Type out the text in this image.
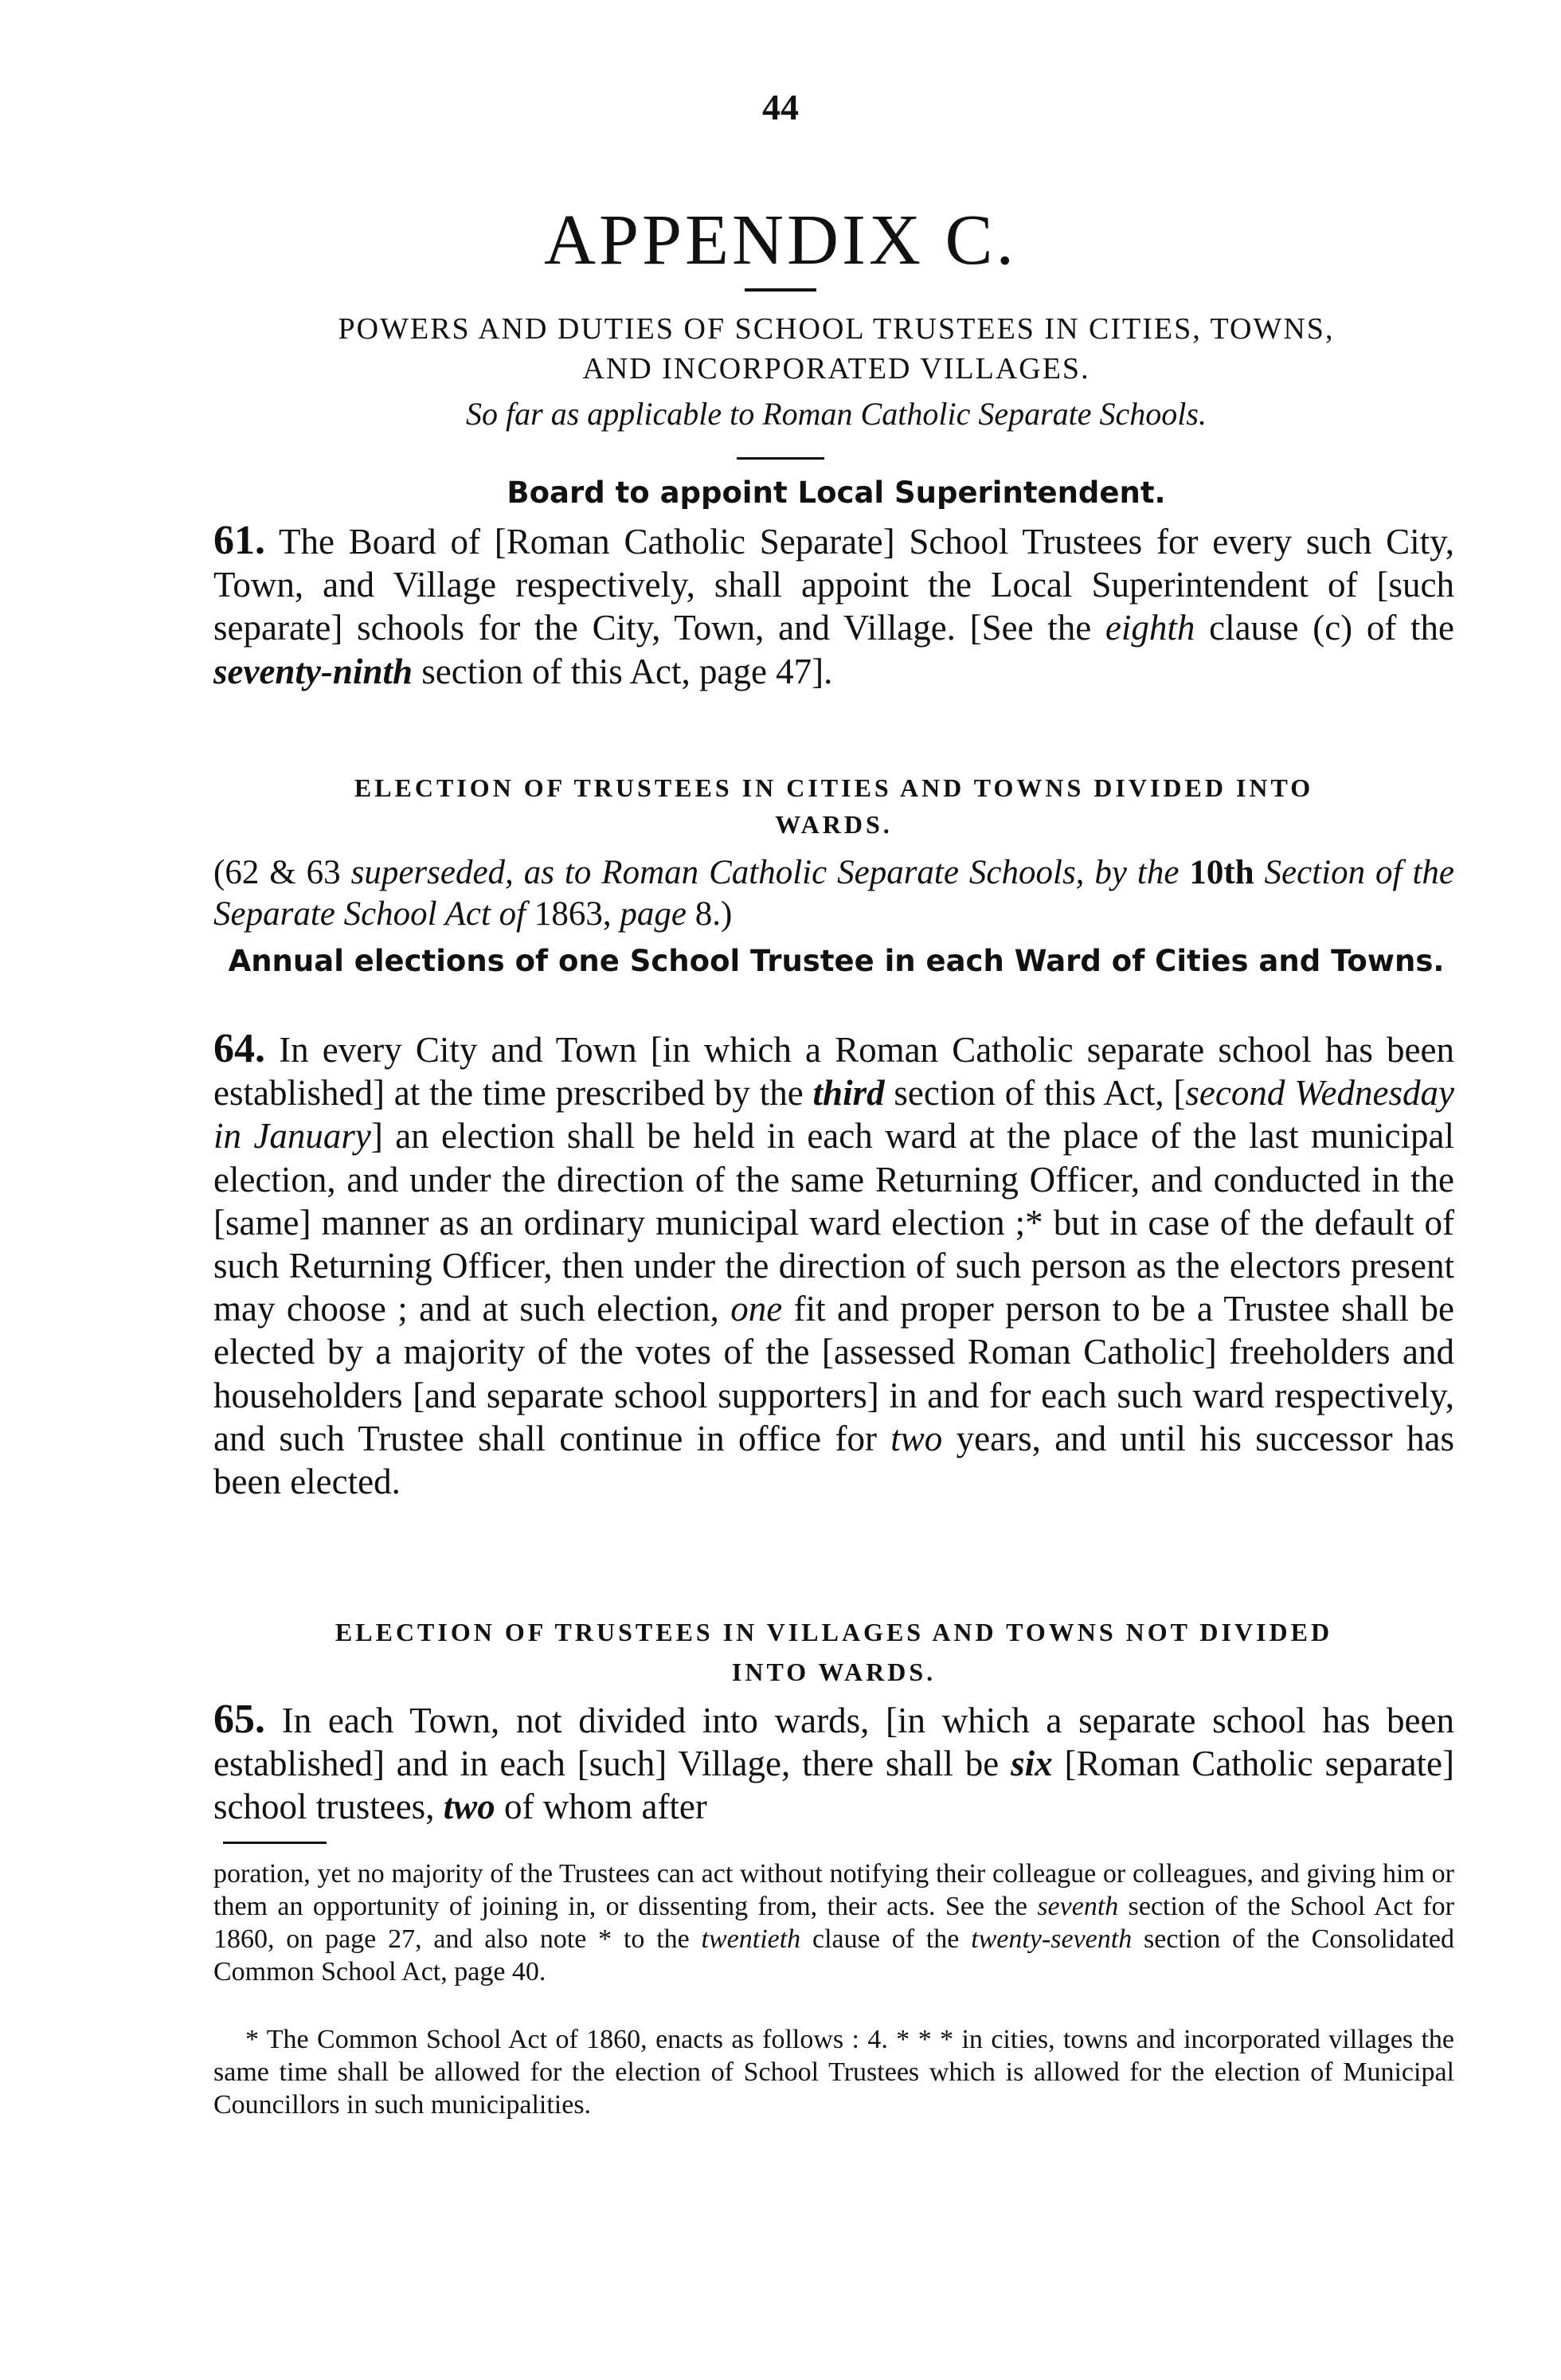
44
APPENDIX C.
POWERS AND DUTIES OF SCHOOL TRUSTEES IN CITIES, TOWNS,
AND INCORPORATED VILLAGES.
So far as applicable to Roman Catholic Separate Schools.
Board to appoint Local Superintendent.
61. The Board of [Roman Catholic Separate] School Trustees for every such City, Town, and Village respectively, shall appoint the Local Superintendent of [such separate] schools for the City, Town, and Village. [See the eighth clause (c) of the seventy-ninth section of this Act, page 47].
ELECTION OF TRUSTEES IN CITIES AND TOWNS DIVIDED INTO
WARDS.
(62 & 63 superseded, as to Roman Catholic Separate Schools, by the 10th Section of the Separate School Act of 1863, page 8.)
Annual elections of one School Trustee in each Ward of Cities and Towns.
64. In every City and Town [in which a Roman Catholic separate school has been established] at the time prescribed by the third section of this Act, [second Wednesday in January] an election shall be held in each ward at the place of the last municipal election, and under the direction of the same Returning Officer, and conducted in the [same] manner as an ordinary municipal ward election ;* but in case of the default of such Returning Officer, then under the direction of such person as the electors present may choose ; and at such election, one fit and proper person to be a Trustee shall be elected by a majority of the votes of the [assessed Roman Catholic] freeholders and householders [and separate school supporters] in and for each such ward respectively, and such Trustee shall continue in office for two years, and until his successor has been elected.
ELECTION OF TRUSTEES IN VILLAGES AND TOWNS NOT DIVIDED
INTO WARDS.
65. In each Town, not divided into wards, [in which a separate school has been established] and in each [such] Village, there shall be six [Roman Catholic separate] school trustees, two of whom after
poration, yet no majority of the Trustees can act without notifying their colleague or colleagues, and giving him or them an opportunity of joining in, or dissenting from, their acts. See the seventh section of the School Act for 1860, on page 27, and also note * to the twentieth clause of the twenty-seventh section of the Consolidated Common School Act, page 40.
* The Common School Act of 1860, enacts as follows : 4. * * * in cities, towns and incorporated villages the same time shall be allowed for the election of School Trustees which is allowed for the election of Municipal Councillors in such municipalities.
